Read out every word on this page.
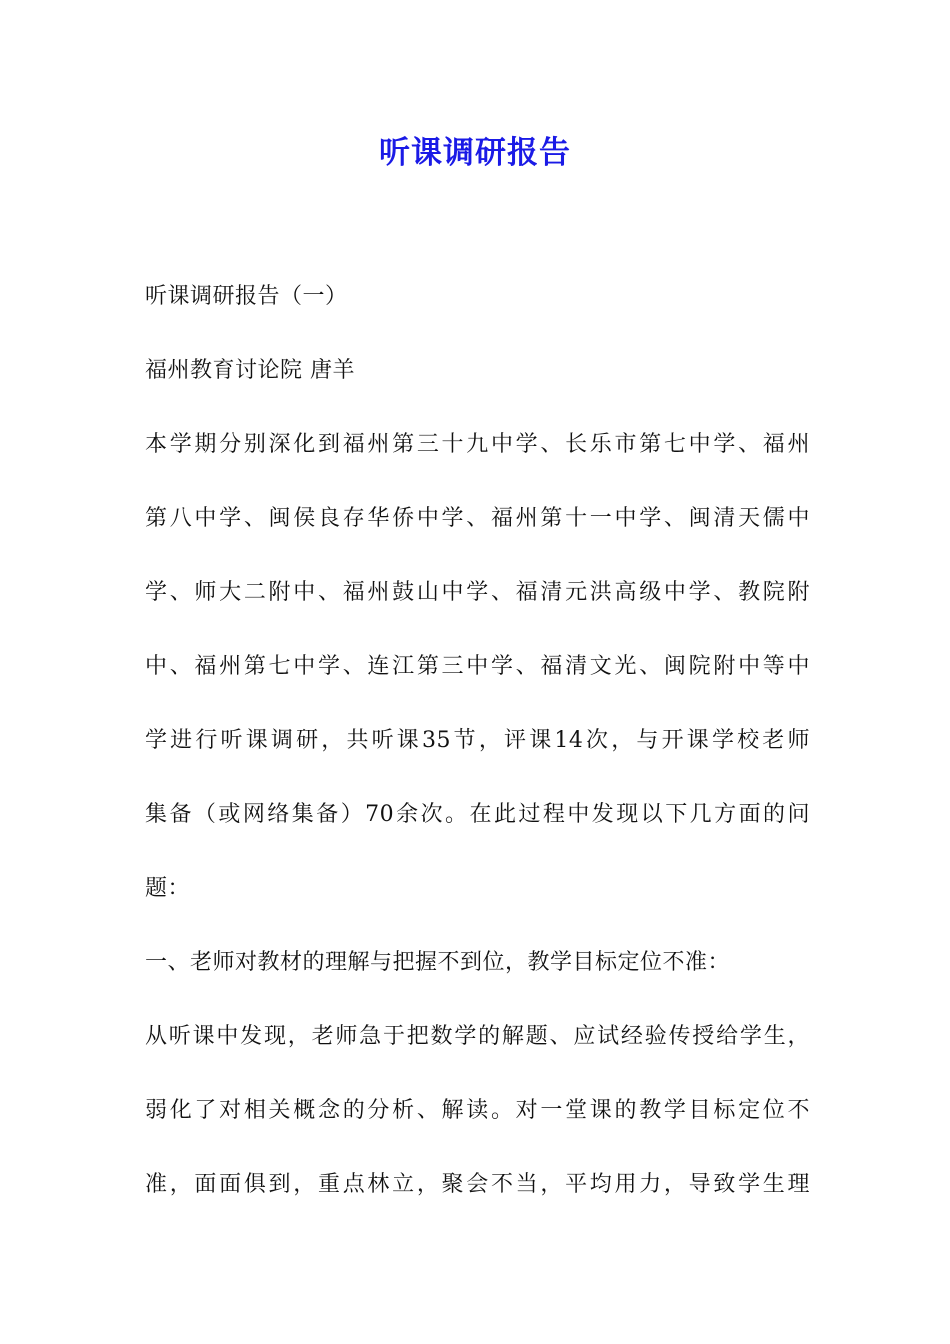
听课调研报告

听课调研报告（一）

福州教育讨论院 唐羊

本学期分别深化到福州第三十九中学、长乐市第七中学、福州
第八中学、闽侯良存华侨中学、福州第十一中学、闽清天儒中
学、师大二附中、福州鼓山中学、福清元洪高级中学、教院附
中、福州第七中学、连江第三中学、福清文光、闽院附中等中
学进行听课调研，共听课35节，评课14次，与开课学校老师
集备（或网络集备）70余次。在此过程中发现以下几方面的问
题：

一、老师对教材的理解与把握不到位，教学目标定位不准：

从听课中发现，老师急于把数学的解题、应试经验传授给学生，
弱化了对相关概念的分析、解读。对一堂课的教学目标定位不
准，面面俱到，重点林立，聚会不当，平均用力，导致学生理
